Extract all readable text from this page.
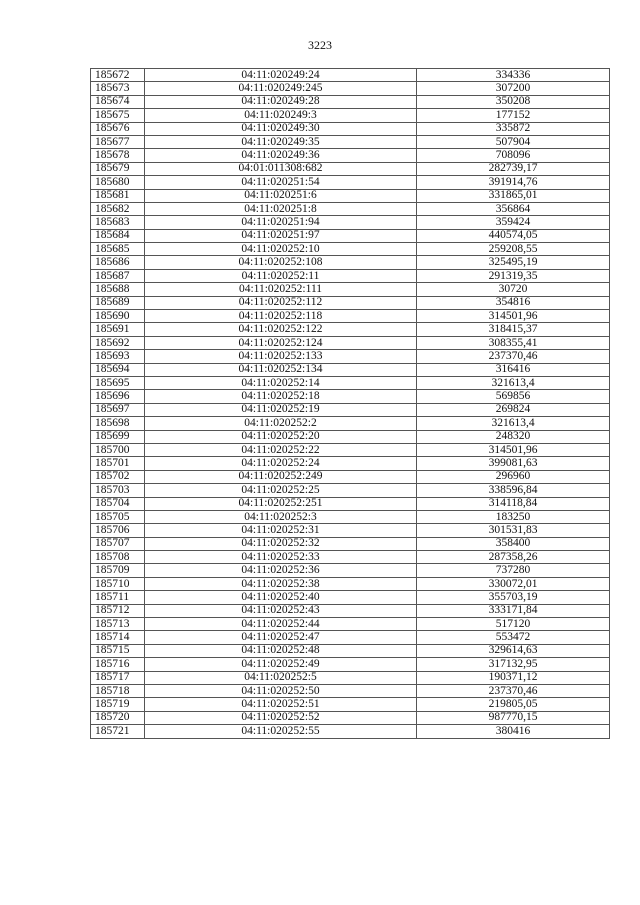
3223
185672	04:11:020249:24	334336
185673	04:11:020249:245	307200
185674	04:11:020249:28	350208
185675	04:11:020249:3	177152
185676	04:11:020249:30	335872
185677	04:11:020249:35	507904
185678	04:11:020249:36	708096
185679	04:01:011308:682	282739,17
185680	04:11:020251:54	391914,76
185681	04:11:020251:6	331865,01
185682	04:11:020251:8	356864
185683	04:11:020251:94	359424
185684	04:11:020251:97	440574,05
185685	04:11:020252:10	259208,55
185686	04:11:020252:108	325495,19
185687	04:11:020252:11	291319,35
185688	04:11:020252:111	30720
185689	04:11:020252:112	354816
185690	04:11:020252:118	314501,96
185691	04:11:020252:122	318415,37
185692	04:11:020252:124	308355,41
185693	04:11:020252:133	237370,46
185694	04:11:020252:134	316416
185695	04:11:020252:14	321613,4
185696	04:11:020252:18	569856
185697	04:11:020252:19	269824
185698	04:11:020252:2	321613,4
185699	04:11:020252:20	248320
185700	04:11:020252:22	314501,96
185701	04:11:020252:24	399081,63
185702	04:11:020252:249	296960
185703	04:11:020252:25	338596,84
185704	04:11:020252:251	314118,84
185705	04:11:020252:3	183250
185706	04:11:020252:31	301531,83
185707	04:11:020252:32	358400
185708	04:11:020252:33	287358,26
185709	04:11:020252:36	737280
185710	04:11:020252:38	330072,01
185711	04:11:020252:40	355703,19
185712	04:11:020252:43	333171,84
185713	04:11:020252:44	517120
185714	04:11:020252:47	553472
185715	04:11:020252:48	329614,63
185716	04:11:020252:49	317132,95
185717	04:11:020252:5	190371,12
185718	04:11:020252:50	237370,46
185719	04:11:020252:51	219805,05
185720	04:11:020252:52	987770,15
185721	04:11:020252:55	380416
